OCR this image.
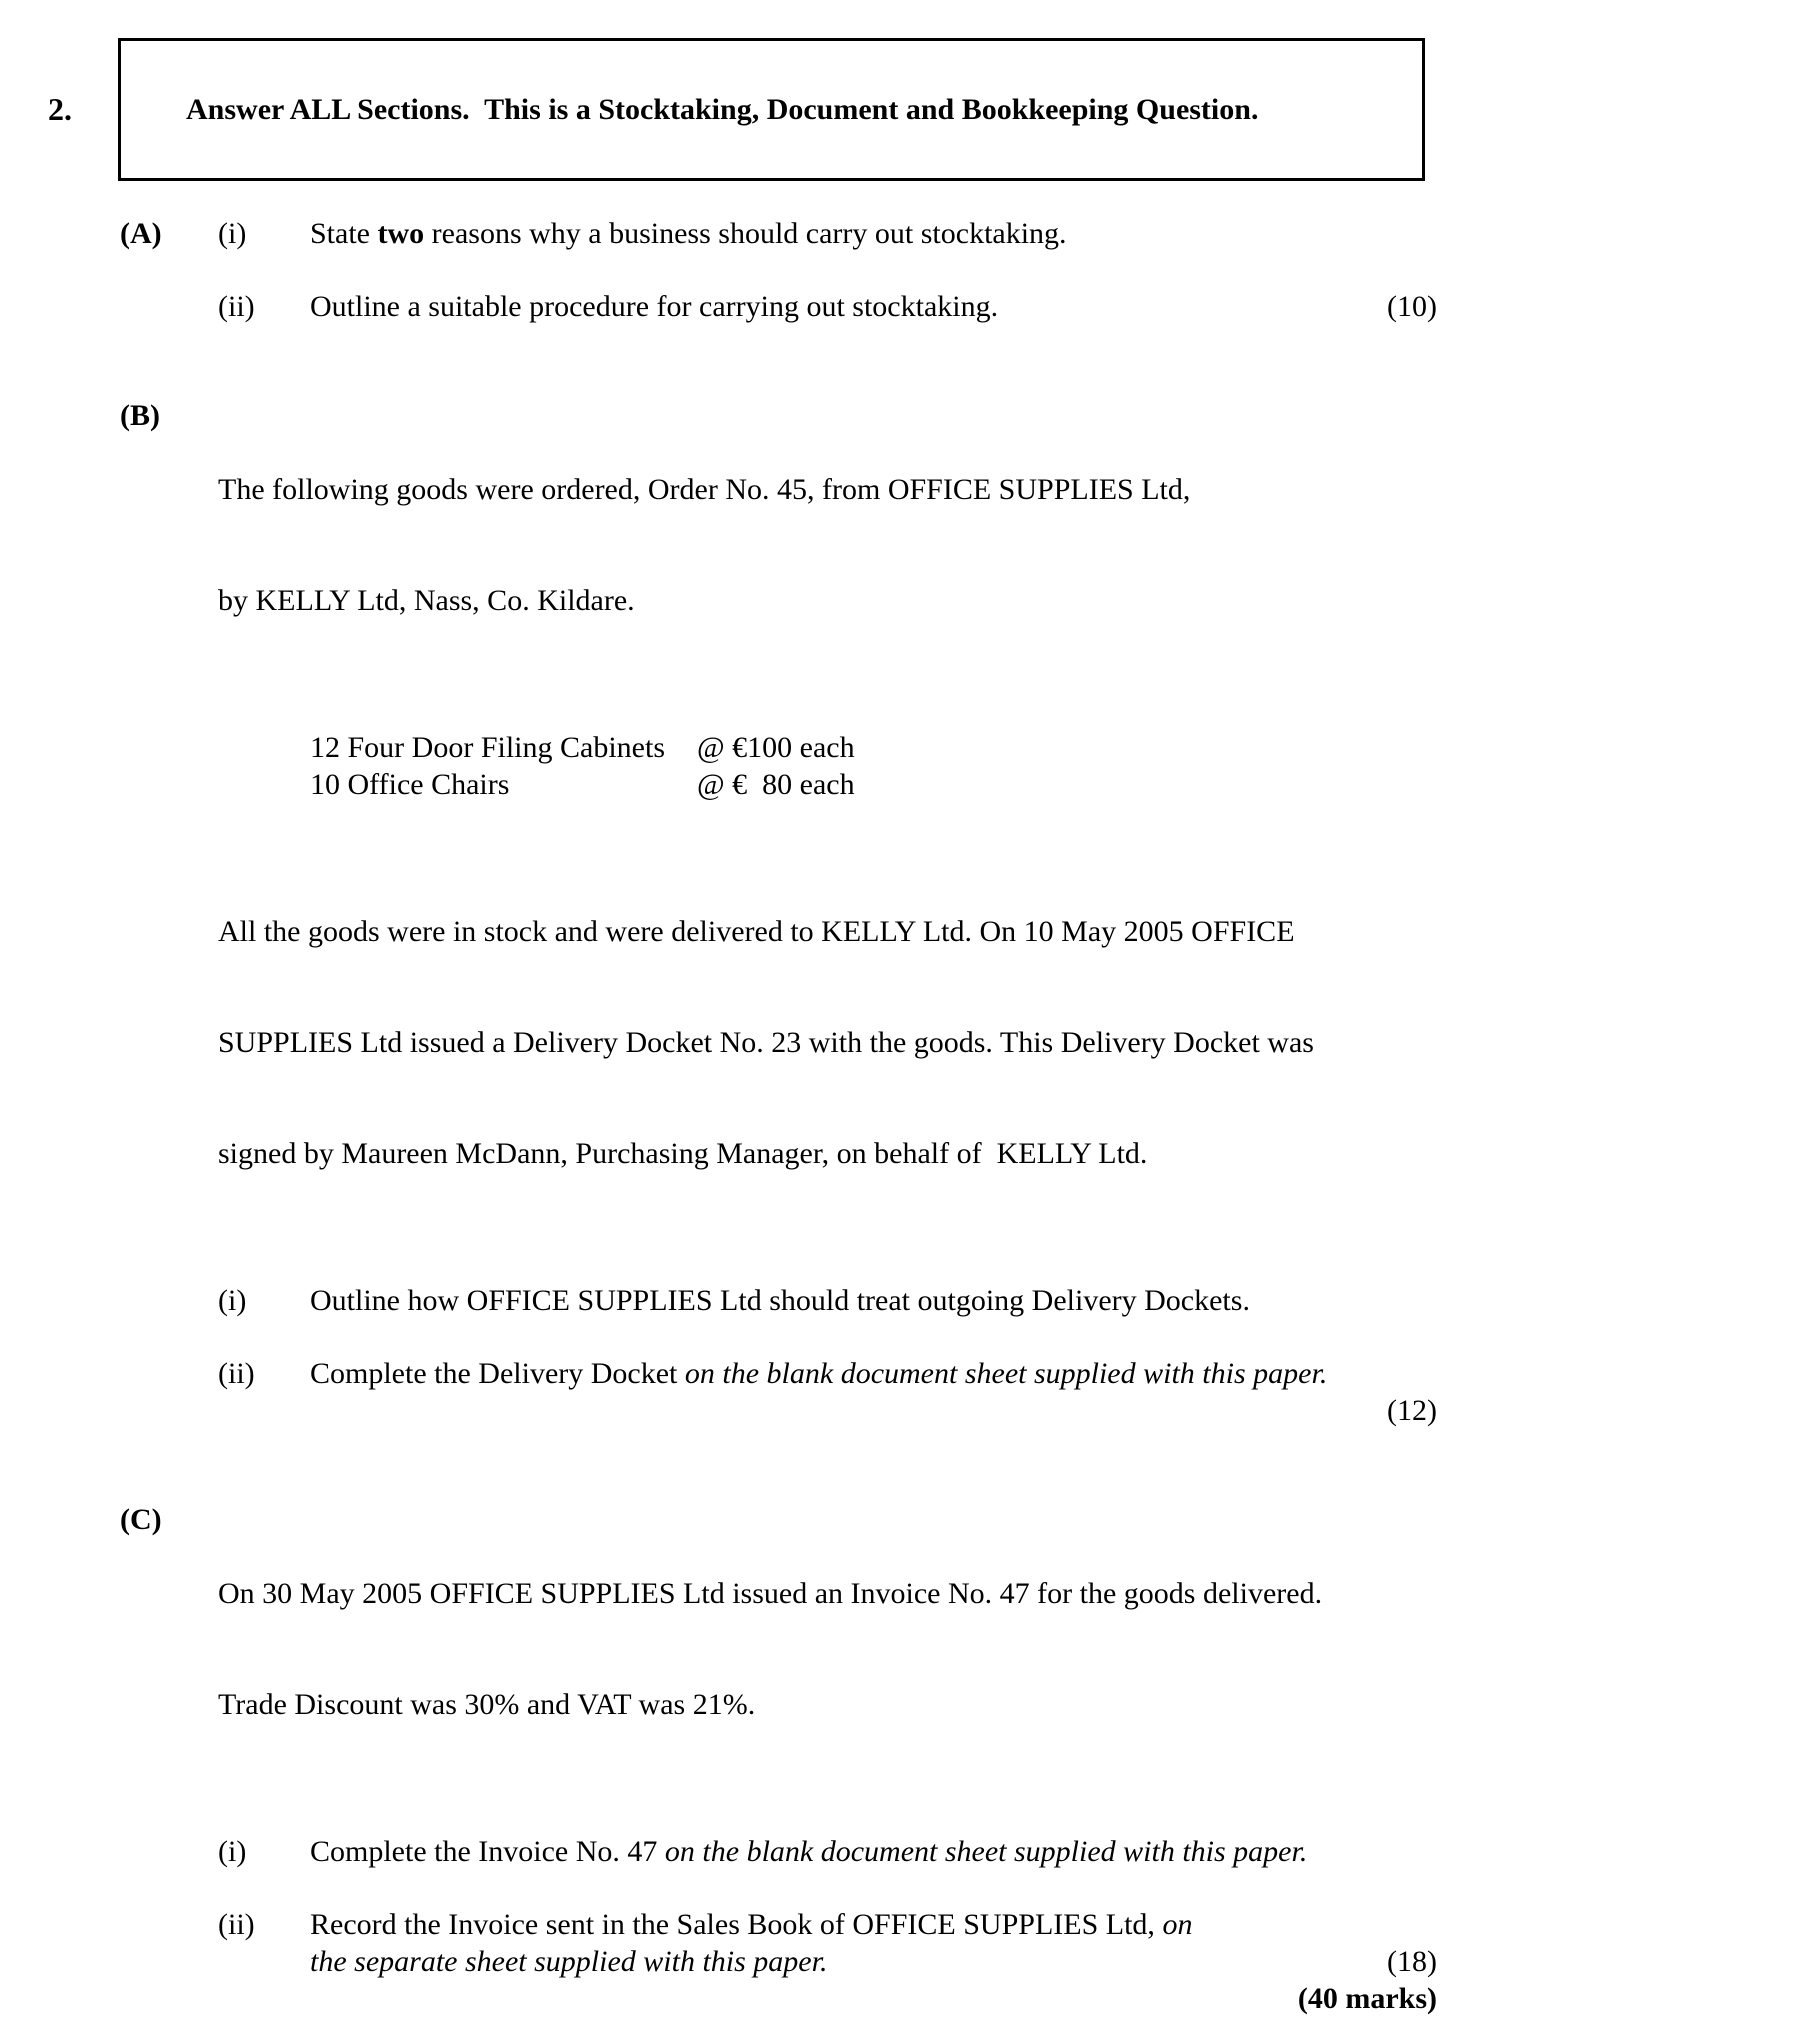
2.	Answer ALL Sections.  This is a Stocktaking, Document and Bookkeeping Question.

(A)	(i)	State two reasons why a business should carry out stocktaking.
(ii)	Outline a suitable procedure for carrying out stocktaking.	(10)
(B)

The following goods were ordered, Order No. 45, from OFFICE SUPPLIES Ltd,

by KELLY Ltd, Nass, Co. Kildare.

12 Four Door Filing Cabinets	@ €100 each
10 Office Chairs	@ €  80 each

All the goods were in stock and were delivered to KELLY Ltd. On 10 May 2005 OFFICE

SUPPLIES Ltd issued a Delivery Docket No. 23 with the goods. This Delivery Docket was

signed by Maureen McDann, Purchasing Manager, on behalf of  KELLY Ltd.

(i)	Outline how OFFICE SUPPLIES Ltd should treat outgoing Delivery Dockets.
(ii)	Complete the Delivery Docket on the blank document sheet supplied with this paper.
(12)
(C)

On 30 May 2005 OFFICE SUPPLIES Ltd issued an Invoice No. 47 for the goods delivered.

Trade Discount was 30% and VAT was 21%.

(i)	Complete the Invoice No. 47 on the blank document sheet supplied with this paper.
(ii)	Record the Invoice sent in the Sales Book of OFFICE SUPPLIES Ltd, on
the separate sheet supplied with this paper.	(18)
(40 marks)
